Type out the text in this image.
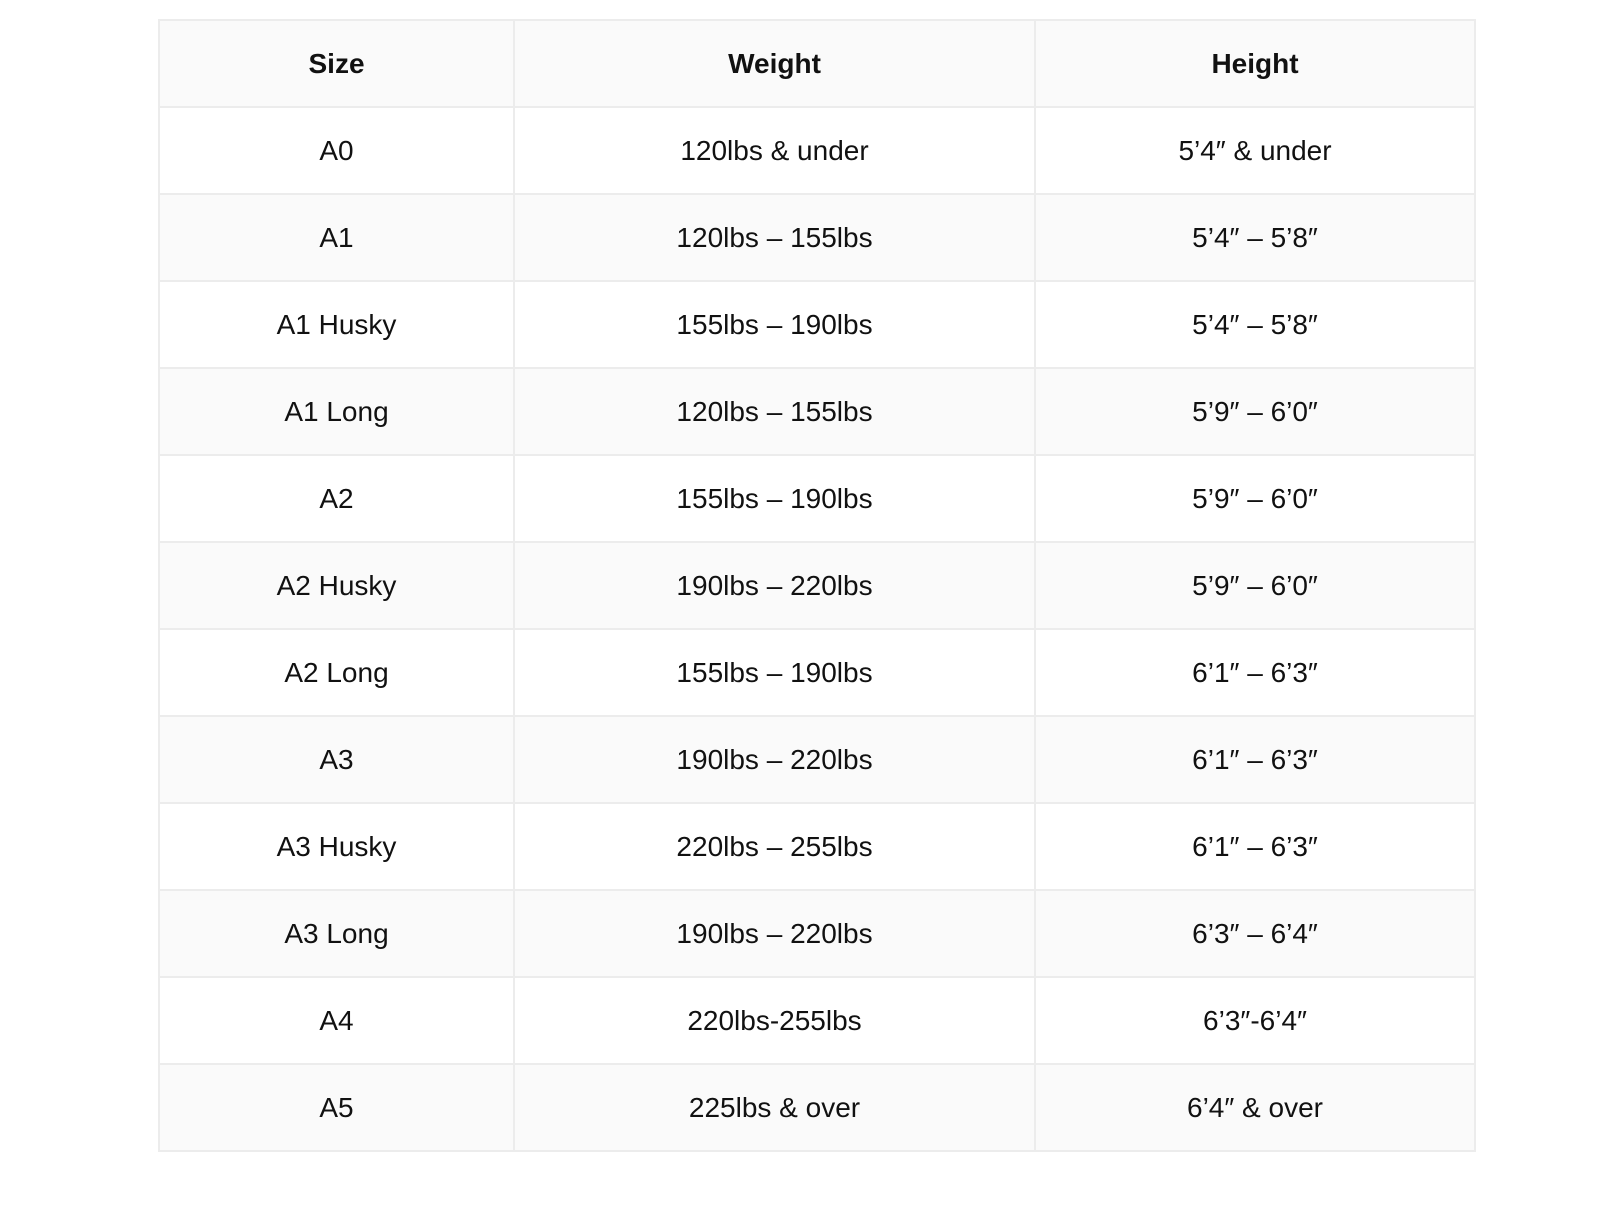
Size	Weight	Height
A0	120lbs & under	5’4″ & under
A1	120lbs – 155lbs	5’4″ – 5’8″
A1 Husky	155lbs – 190lbs	5’4″ – 5’8″
A1 Long	120lbs – 155lbs	5’9″ – 6’0″
A2	155lbs – 190lbs	5’9″ – 6’0″
A2 Husky	190lbs – 220lbs	5’9″ – 6’0″
A2 Long	155lbs – 190lbs	6’1″ – 6’3″
A3	190lbs – 220lbs	6’1″ – 6’3″
A3 Husky	220lbs – 255lbs	6’1″ – 6’3″
A3 Long	190lbs – 220lbs	6’3″ – 6’4″
A4	220lbs-255lbs	6’3″-6’4″
A5	225lbs & over	6’4″ & over
